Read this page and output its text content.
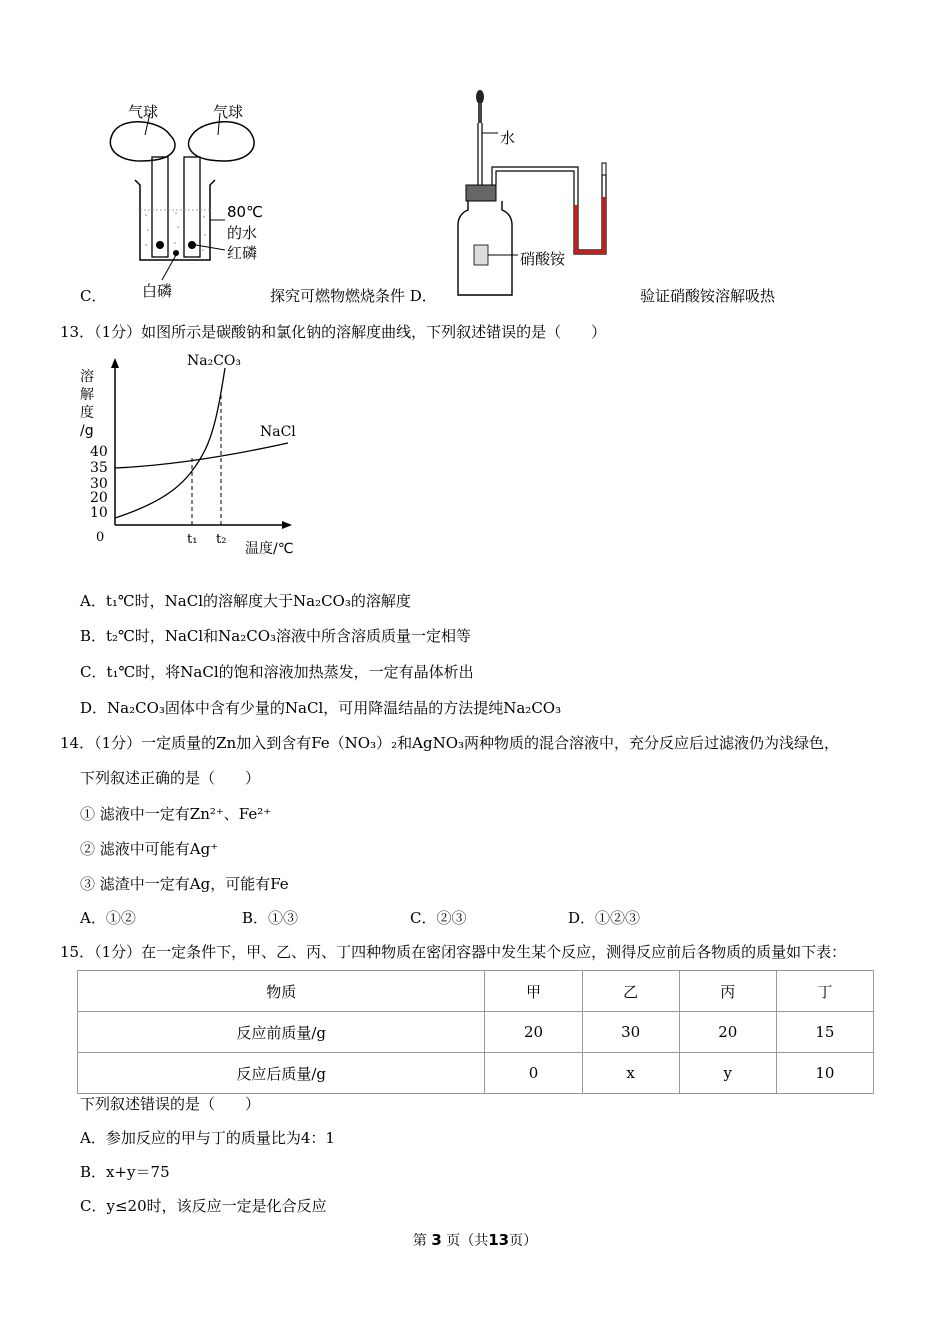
气球	气球
80℃
的水
红磷
白磷
水
硝酸铵
C．	探究可燃物燃烧条件 D．	验证硝酸铵溶解吸热
13．（1分）如图所示是碳酸钠和氯化钠的溶解度曲线，下列叙述错误的是（　　）
溶
解
度
/g
Na₂CO₃
NaCl
40
35
30
20
10
0	t₁ t₂
温度/℃
A．t₁℃时，NaCl的溶解度大于Na₂CO₃的溶解度
B．t₂℃时，NaCl和Na₂CO₃溶液中所含溶质质量一定相等
C．t₁℃时，将NaCl的饱和溶液加热蒸发，一定有晶体析出
D．Na₂CO₃固体中含有少量的NaCl，可用降温结晶的方法提纯Na₂CO₃
14．（1分）一定质量的Zn加入到含有Fe（NO₃）₂和AgNO₃两种物质的混合溶液中，充分反应后过滤液仍为浅绿色，
下列叙述正确的是（　　）
① 滤液中一定有Zn²⁺、Fe²⁺
② 滤液中可能有Ag⁺
③ 滤渣中一定有Ag，可能有Fe
A．①②	B．①③	C．②③	D．①②③
15．（1分）在一定条件下，甲、乙、丙、丁四种物质在密闭容器中发生某个反应，测得反应前后各物质的质量如下表：
物质	甲	乙	丙	丁
反应前质量/g	20	30	20	15
反应后质量/g	0	x	y	10
下列叙述错误的是（　　）
A．参加反应的甲与丁的质量比为4：1
B．x+y＝75
C．y≤20时，该反应一定是化合反应
第 3 页（共13页）
